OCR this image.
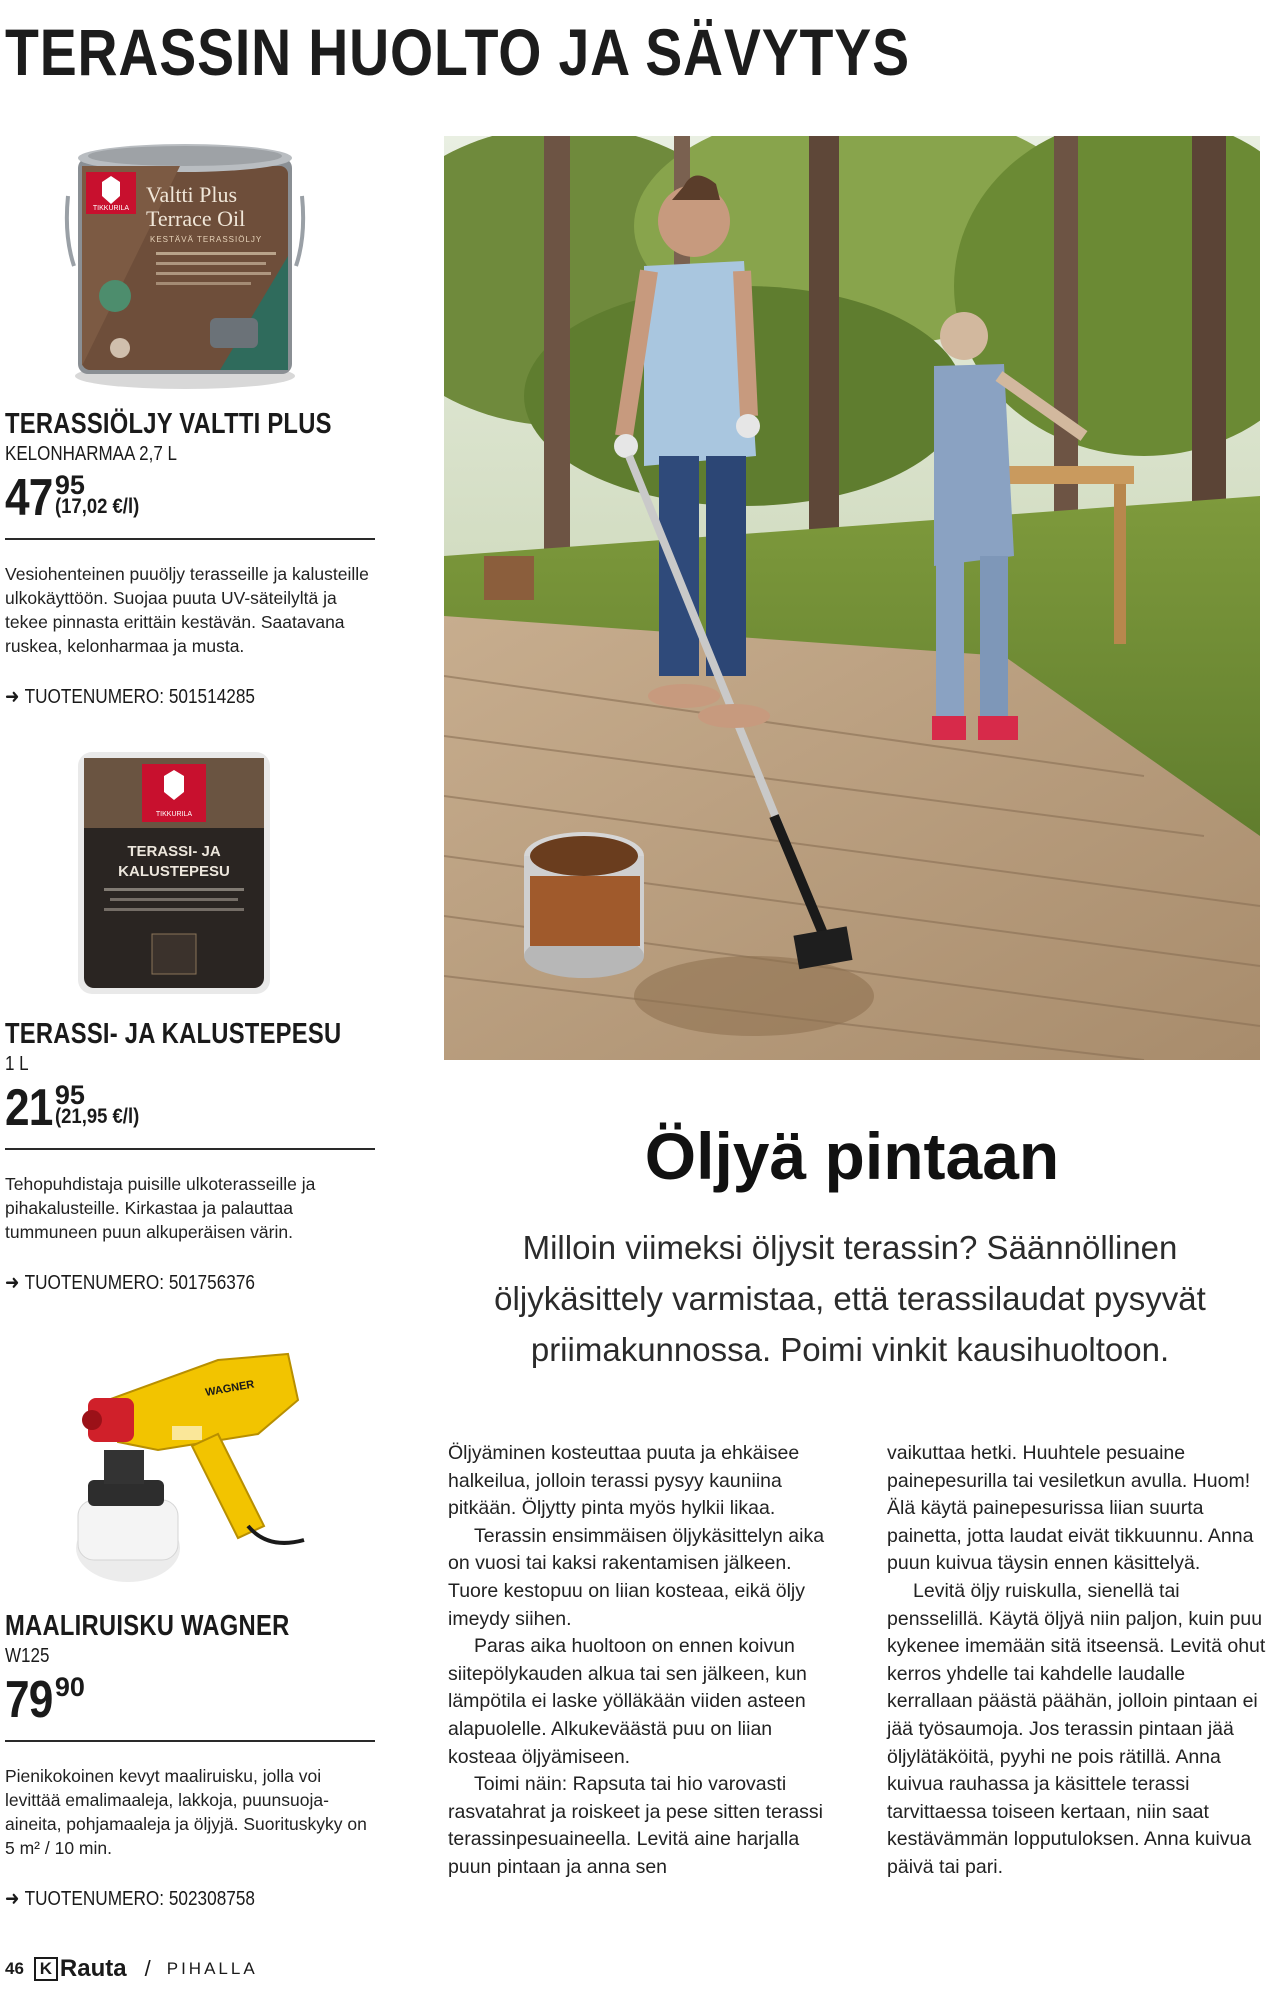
TERASSIN HUOLTO JA SÄVYTYS
TIKKURILA
Valtti Plus
Terrace Oil
KESTÄVÄ TERASSIÖLJY
TERASSIÖLJY VALTTI PLUS

KELONHARMAA 2,7 L

47 95
(17,02 €/l)

Vesiohenteinen puuöljy terasseille ja kalusteille ulkokäyttöön. Suojaa puuta UV-säteilyltä ja tekee pinnasta erittäin kestävän. Saatavana ruskea, kelonharmaa ja musta.

➜ TUOTENUMERO: 501514285
TIKKURILA
TERASSI- JA
KALUSTEPESU
TERASSI- JA KALUSTEPESU

1 L

21 95
(21,95 €/l)

Tehopuhdistaja puisille ulkoterasseille ja pihakalusteille. Kirkastaa ja palauttaa tummuneen puun alkuperäisen värin.

➜ TUOTENUMERO: 501756376
WAGNER
MAALIRUISKU WAGNER

W125

79 90

Pienikokoinen kevyt maaliruisku, jolla voi levittää emalimaaleja, lakkoja, puunsuoja-aineita, pohjamaaleja ja öljyjä. Suorituskyky on 5 m² / 10 min.

➜ TUOTENUMERO: 502308758
Öljyä pintaan

Milloin viimeksi öljysit terassin? Säännöllinen öljykäsittely varmistaa, että terassilaudat pysyvät priimakunnossa. Poimi vinkit kausihuoltoon.

Öljyäminen kosteuttaa puuta ja ehkäisee halkeilua, jolloin terassi pysyy kauniina pitkään. Öljytty pinta myös hylkii likaa.

Terassin ensimmäisen öljykäsittelyn aika on vuosi tai kaksi rakentamisen jälkeen. Tuore kestopuu on liian kosteaa, eikä öljy imeydy siihen.

Paras aika huoltoon on ennen koivun siitepölykauden alkua tai sen jälkeen, kun lämpötila ei laske yölläkään viiden asteen alapuolelle. Alkukeväästä puu on liian kosteaa öljyämiseen.

Toimi näin: Rapsuta tai hio varovasti rasvatahrat ja roiskeet ja pese sitten terassi terassinpesuaineella. Levitä aine harjalla puun pintaan ja anna sen

vaikuttaa hetki. Huuhtele pesuaine painepesurilla tai vesiletkun avulla. Huom! Älä käytä painepesurissa liian suurta painetta, jotta laudat eivät tikkuunnu. Anna puun kuivua täysin ennen käsittelyä.

Levitä öljy ruiskulla, sienellä tai pensselillä. Käytä öljyä niin paljon, kuin puu kykenee imemään sitä itseensä. Levitä ohut kerros yhdelle tai kahdelle laudalle kerrallaan päästä päähän, jolloin pintaan ei jää työsaumoja. Jos terassin pintaan jää öljylätäköitä, pyyhi ne pois rätillä. Anna kuivua rauhassa ja käsittele terassi tarvittaessa toiseen kertaan, niin saat kestävämmän lopputuloksen. Anna kuivua päivä tai pari.

46 K Rauta / PIHALLA
